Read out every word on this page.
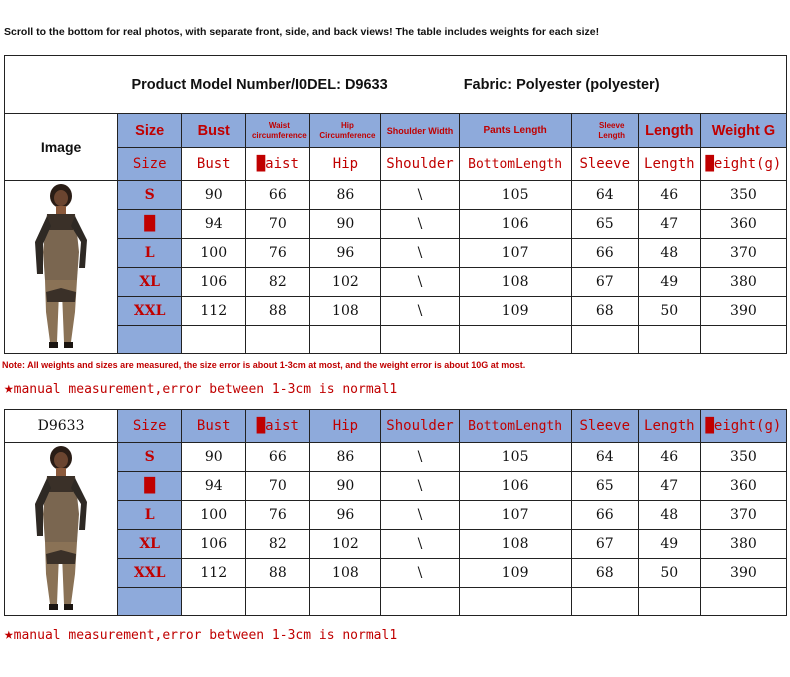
Scroll to the bottom for real photos, with separate front, side, and back views! The table includes weights for each size!
Product Model Number/I0DEL: D9633 Fabric: Polyester (polyester)									
Image	Size	Bust	Waist circumference	Hip Circumference	Shoulder Width	Pants Length	Sleeve Length	Length	Weight G
	Size	Bust	█aist	Hip	Shoulder	BottomLength	Sleeve	Length	█eight(g)

	S	90	66	86	\	105	64	46	350
	█	94	70	90	\	106	65	47	360
	L	100	76	96	\	107	66	48	370
	XL	106	82	102	\	108	67	49	380
	XXL	112	88	108	\	109	68	50	390

Note: All weights and sizes are measured, the size error is about 1-3cm at most, and the weight error is about 10G at most.
★manual measurement,error between 1-3cm is normal1
D9633	Size	Bust	█aist	Hip	Shoulder	BottomLength	Sleeve	Length	█eight(g)

	S	90	66	86	\	105	64	46	350
	█	94	70	90	\	106	65	47	360
	L	100	76	96	\	107	66	48	370
	XL	106	82	102	\	108	67	49	380
	XXL	112	88	108	\	109	68	50	390

★manual measurement,error between 1-3cm is normal1
